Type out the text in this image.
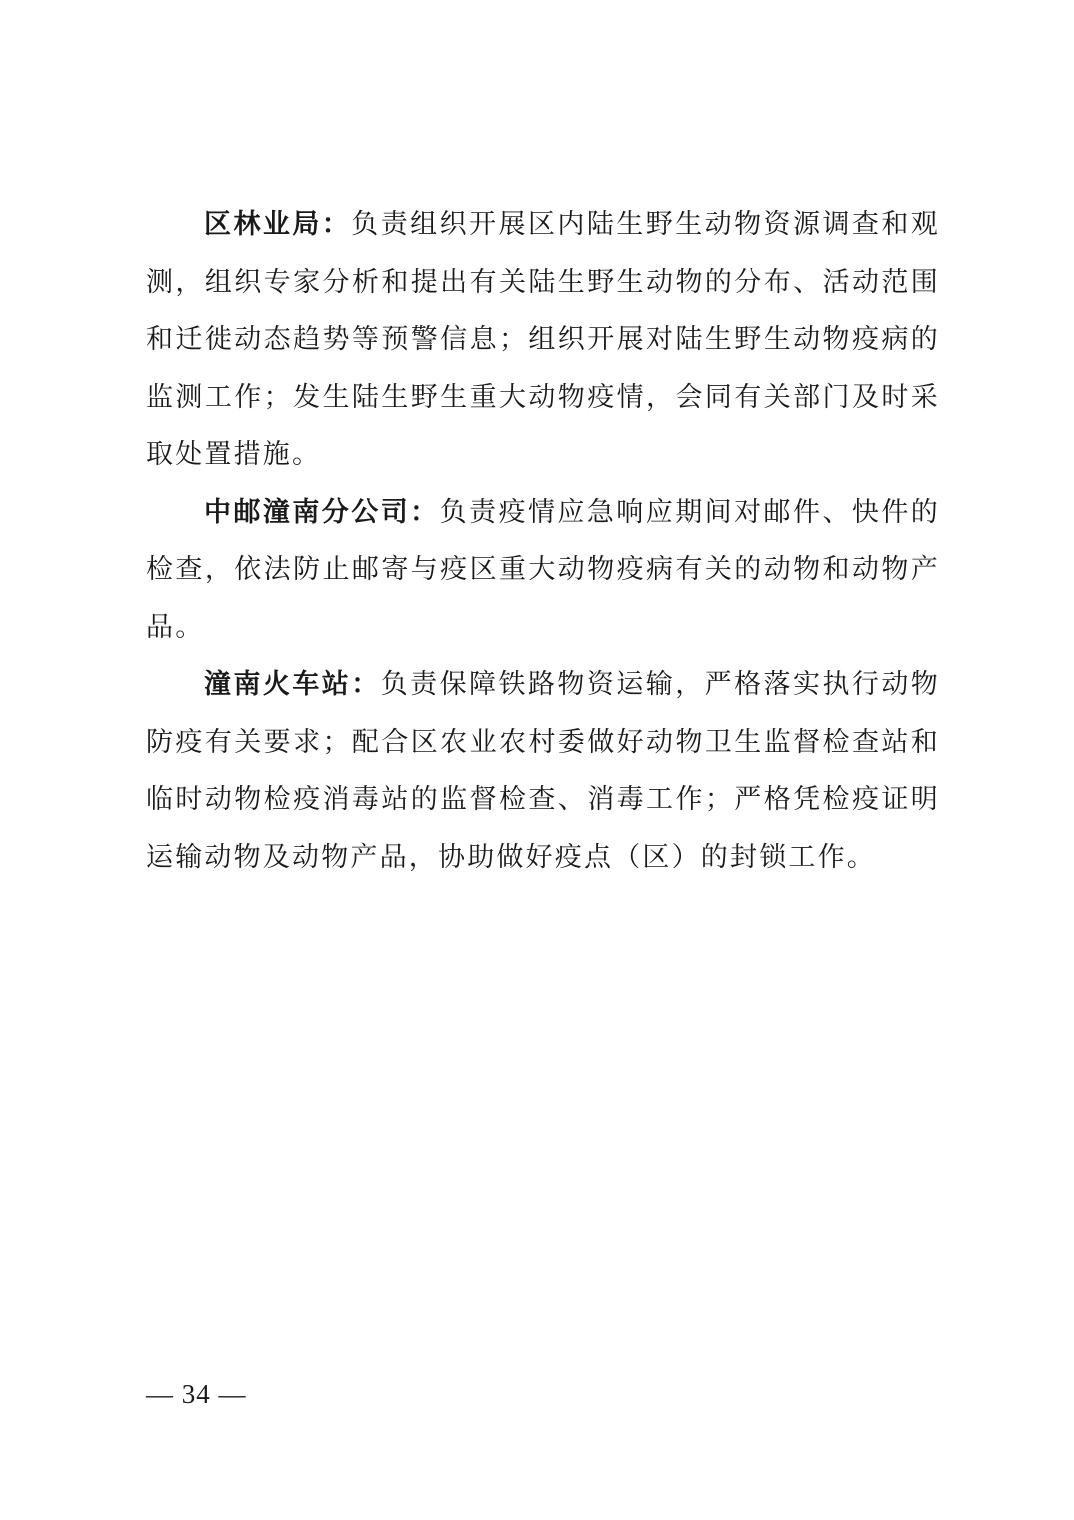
区林业局：负责组织开展区内陆生野生动物资源调查和观测，组织专家分析和提出有关陆生野生动物的分布、活动范围和迁徙动态趋势等预警信息；组织开展对陆生野生动物疫病的监测工作；发生陆生野生重大动物疫情，会同有关部门及时采取处置措施。

中邮潼南分公司：负责疫情应急响应期间对邮件、快件的检查，依法防止邮寄与疫区重大动物疫病有关的动物和动物产品。

潼南火车站：负责保障铁路物资运输，严格落实执行动物防疫有关要求；配合区农业农村委做好动物卫生监督检查站和临时动物检疫消毒站的监督检查、消毒工作；严格凭检疫证明运输动物及动物产品，协助做好疫点（区）的封锁工作。

— 34 —
